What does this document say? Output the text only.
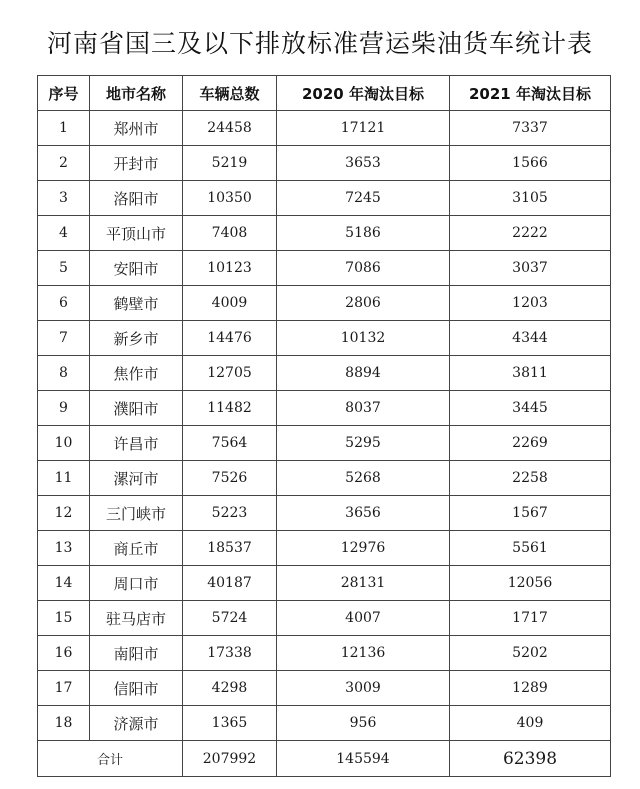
河南省国三及以下排放标准营运柴油货车统计表
序号	地市名称	车辆总数	2020 年淘汰目标	2021 年淘汰目标
1	郑州市	24458	17121	7337
2	开封市	5219	3653	1566
3	洛阳市	10350	7245	3105
4	平顶山市	7408	5186	2222
5	安阳市	10123	7086	3037
6	鹤壁市	4009	2806	1203
7	新乡市	14476	10132	4344
8	焦作市	12705	8894	3811
9	濮阳市	11482	8037	3445
10	许昌市	7564	5295	2269
11	漯河市	7526	5268	2258
12	三门峡市	5223	3656	1567
13	商丘市	18537	12976	5561
14	周口市	40187	28131	12056
15	驻马店市	5724	4007	1717
16	南阳市	17338	12136	5202
17	信阳市	4298	3009	1289
18	济源市	1365	956	409
合计		207992	145594	62398
